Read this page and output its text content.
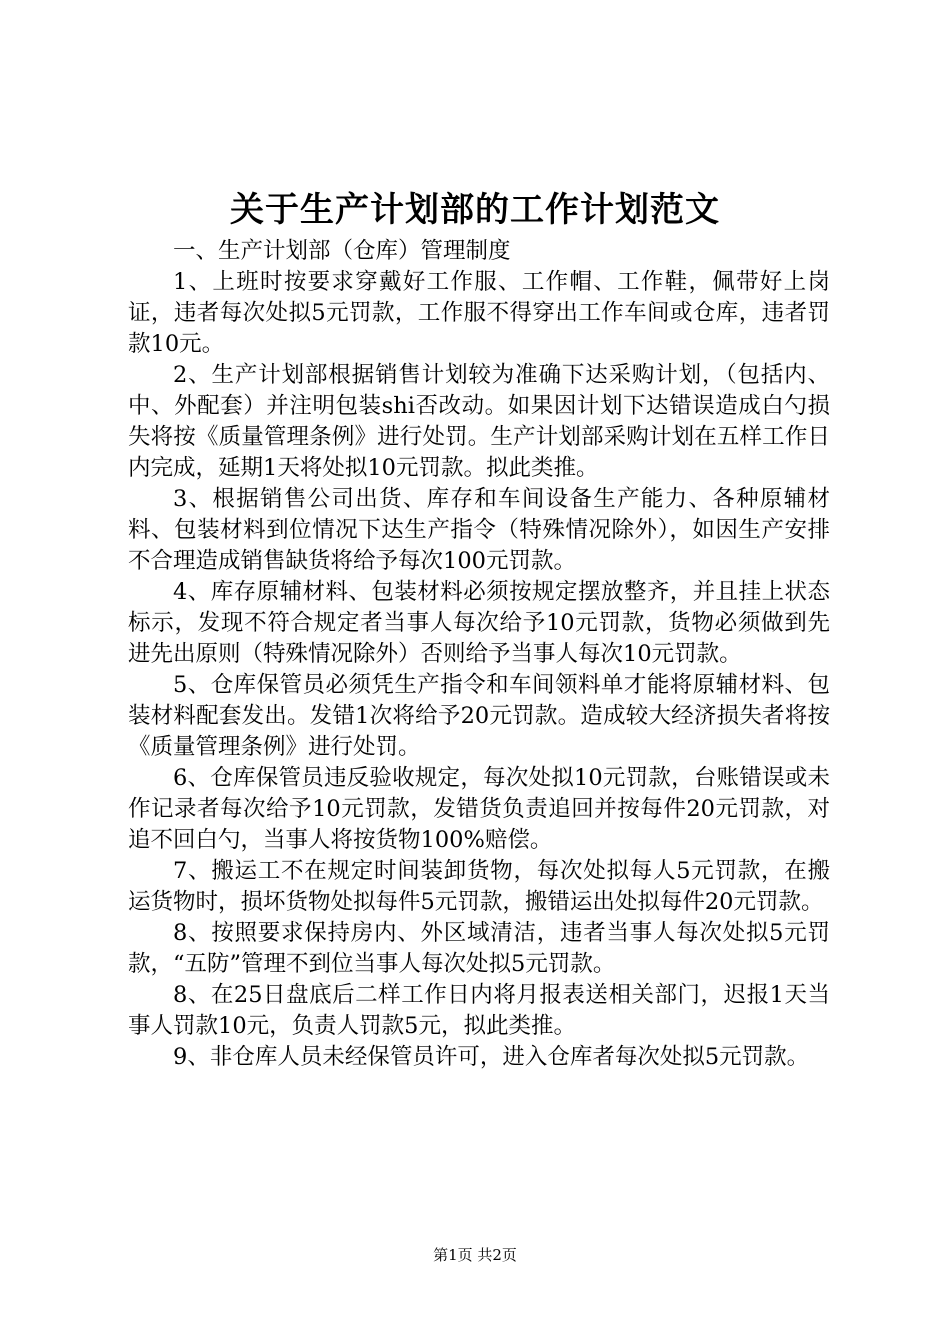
关于生产计划部的工作计划范文

一、生产计划部（仓库）管理制度

1、上班时按要求穿戴好工作服、工作帽、工作鞋，佩带好上岗证，违者每次处拟5元罚款，工作服不得穿出工作车间或仓库，违者罚款10元。

2、生产计划部根据销售计划较为准确下达采购计划，（包括内、中、外配套）并注明包装shi否改动。如果因计划下达错误造成白勺损失将按《质量管理条例》进行处罚。生产计划部采购计划在五样工作日内完成，延期1天将处拟10元罚款。拟此类推。

3、根据销售公司出货、库存和车间设备生产能力、各种原辅材料、包装材料到位情况下达生产指令（特殊情况除外），如因生产安排不合理造成销售缺货将给予每次100元罚款。

4、库存原辅材料、包装材料必须按规定摆放整齐，并且挂上状态标示，发现不符合规定者当事人每次给予10元罚款，货物必须做到先进先出原则（特殊情况除外）否则给予当事人每次10元罚款。

5、仓库保管员必须凭生产指令和车间领料单才能将原辅材料、包装材料配套发出。发错1次将给予20元罚款。造成较大经济损失者将按《质量管理条例》进行处罚。

6、仓库保管员违反验收规定，每次处拟10元罚款，台账错误或未作记录者每次给予10元罚款，发错货负责追回并按每件20元罚款，对追不回白勺，当事人将按货物100%赔偿。

7、搬运工不在规定时间装卸货物，每次处拟每人5元罚款，在搬运货物时，损坏货物处拟每件5元罚款，搬错运出处拟每件20元罚款。

8、按照要求保持房内、外区域清洁，违者当事人每次处拟5元罚款，“五防”管理不到位当事人每次处拟5元罚款。

8、在25日盘底后二样工作日内将月报表送相关部门，迟报1天当事人罚款10元，负责人罚款5元，拟此类推。

9、非仓库人员未经保管员许可，进入仓库者每次处拟5元罚款。

第1页 共2页
